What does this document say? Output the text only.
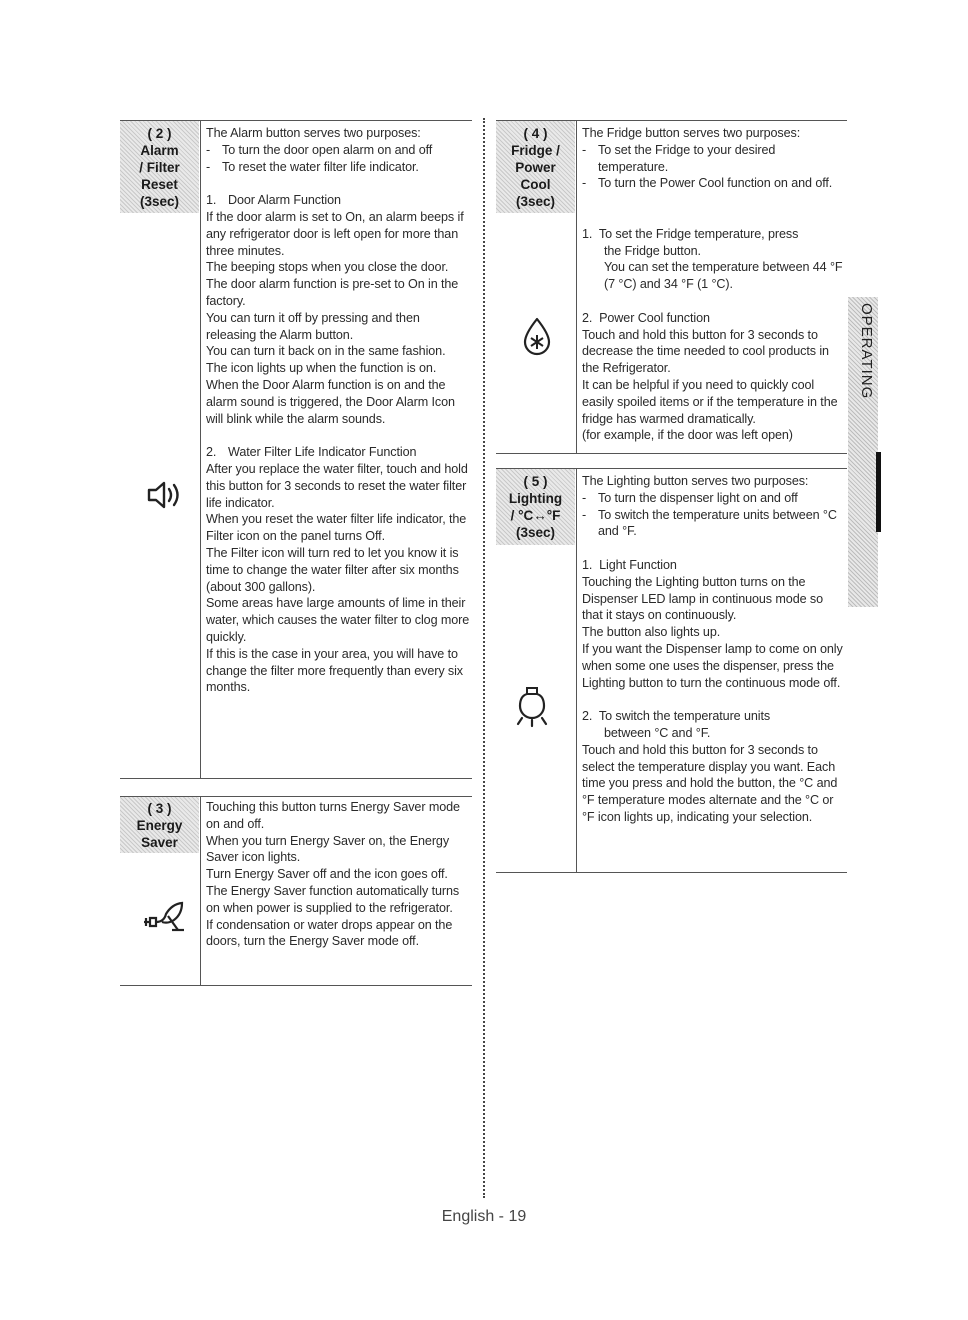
( 2 )
Alarm
/ Filter
Reset
(3sec)

The Alarm button serves two purposes:

- To turn the door open alarm on and off
- To reset the water filter life indicator.
1. Door Alarm Function

If the door alarm is set to On, an alarm beeps if any refrigerator door is left open for more than three minutes.
The beeping stops when you close the door.
The door alarm function is pre-set to On in the factory.
You can turn it off by pressing and then releasing the Alarm button.
You can turn it back on in the same fashion.
The icon lights up when the function is on.
When the Door Alarm function is on and the alarm sound is triggered, the Door Alarm Icon will blink while the alarm sounds.

2. Water Filter Life Indicator Function

After you replace the water filter, touch and hold this button for 3 seconds to reset the water filter life indicator.
When you reset the water filter life indicator, the Filter icon on the panel turns Off.
The Filter icon will turn red to let you know it is time to change the water filter after six months (about 300 gallons).
Some areas have large amounts of lime in their water, which causes the water filter to clog more quickly.
If this is the case in your area, you will have to change the filter more frequently than every six months.

( 3 )
Energy
Saver

Touching this button turns Energy Saver mode on and off.
When you turn Energy Saver on, the Energy Saver icon lights.
Turn Energy Saver off and the icon goes off.
The Energy Saver function automatically turns on when power is supplied to the refrigerator.
If condensation or water drops appear on the doors, turn the Energy Saver mode off.

( 4 )
Fridge /
Power
Cool
(3sec)

The Fridge button serves two purposes:

- To set the Fridge to your desired temperature.
- To turn the Power Cool function on and off.

1.  To set the Fridge temperature, press

the Fridge button.
You can set the temperature between 44 °F (7 °C) and 34 °F (1 °C).

2.  Power Cool function

Touch and hold this button for 3 seconds to decrease the time needed to cool products in the Refrigerator.
It can be helpful if you need to quickly cool easily spoiled items or if the temperature in the fridge has warmed dramatically.
(for example, if the door was left open)

( 5 )
Lighting
/ °C↔°F
(3sec)

The Lighting button serves two purposes:

- To turn the dispenser light on and off
- To switch the temperature units between °C and °F.

1.  Light Function

Touching the Lighting button turns on the Dispenser LED lamp in continuous mode so that it stays on continuously.
The button also lights up.
If you want the Dispenser lamp to come on only when some one uses the dispenser, press the Lighting button to turn the continuous mode off.

2.  To switch the temperature units

between °C and °F.

Touch and hold this button for 3 seconds to select the temperature display you want. Each time you press and hold the button, the °C and °F temperature modes alternate and the °C or °F icon lights up, indicating your selection.

OPERATING
English - 19
